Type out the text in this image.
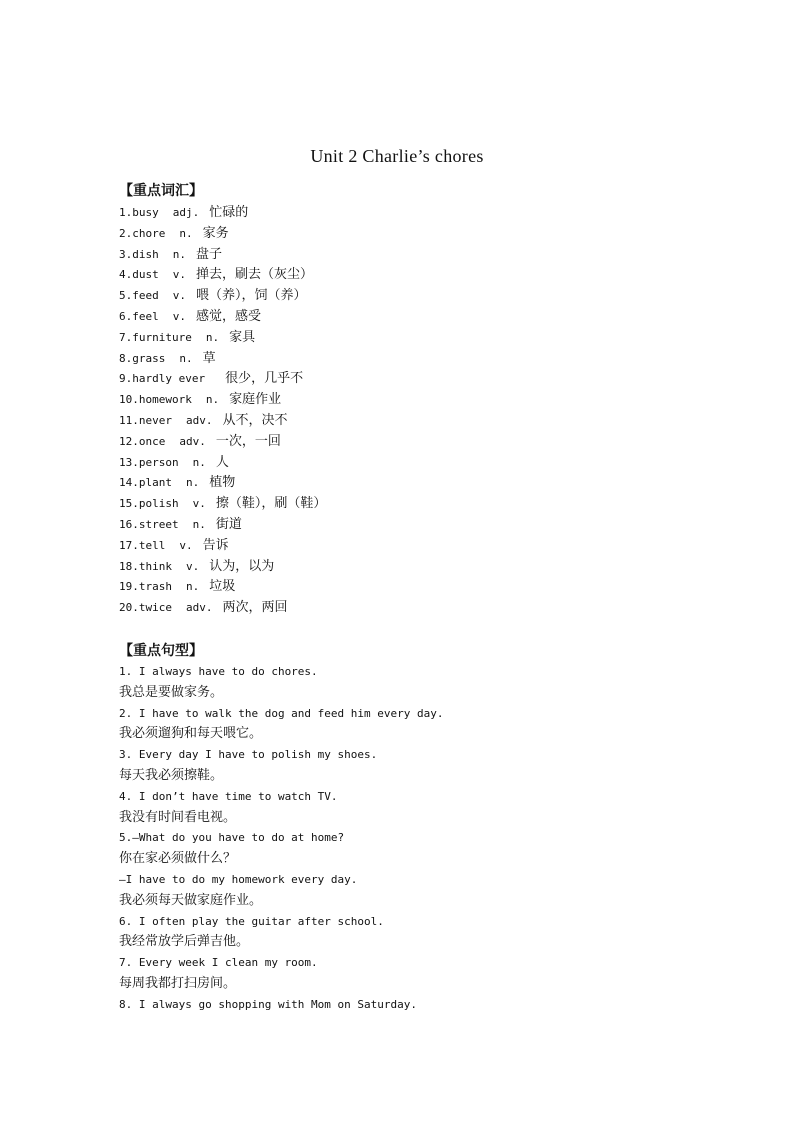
Unit 2 Charlie’s chores
【重点词汇】
1.busy adj. 忙碌的
2.chore n. 家务
3.dish n. 盘子
4.dust v. 掸去，刷去（灰尘）
5.feed v. 喂（养），饲（养）
6.feel v. 感觉，感受
7.furniture n. 家具
8.grass n. 草
9.hardly ever 很少，几乎不
10.homework n. 家庭作业
11.never adv. 从不，决不
12.once adv. 一次，一回
13.person n. 人
14.plant n. 植物
15.polish v. 擦（鞋），刷（鞋）
16.street n. 街道
17.tell v. 告诉
18.think v. 认为，以为
19.trash n. 垃圾
20.twice adv. 两次，两回
【重点句型】
1. I always have to do chores.
我总是要做家务。
2. I have to walk the dog and feed him every day.
我必须遛狗和每天喂它。
3. Every day I have to polish my shoes.
每天我必须擦鞋。
4. I don’t have time to watch TV.
我没有时间看电视。
5.—What do you have to do at home?
你在家必须做什么？
—I have to do my homework every day.
我必须每天做家庭作业。
6. I often play the guitar after school.
我经常放学后弹吉他。
7. Every week I clean my room.
每周我都打扫房间。
8. I always go shopping with Mom on Saturday.
